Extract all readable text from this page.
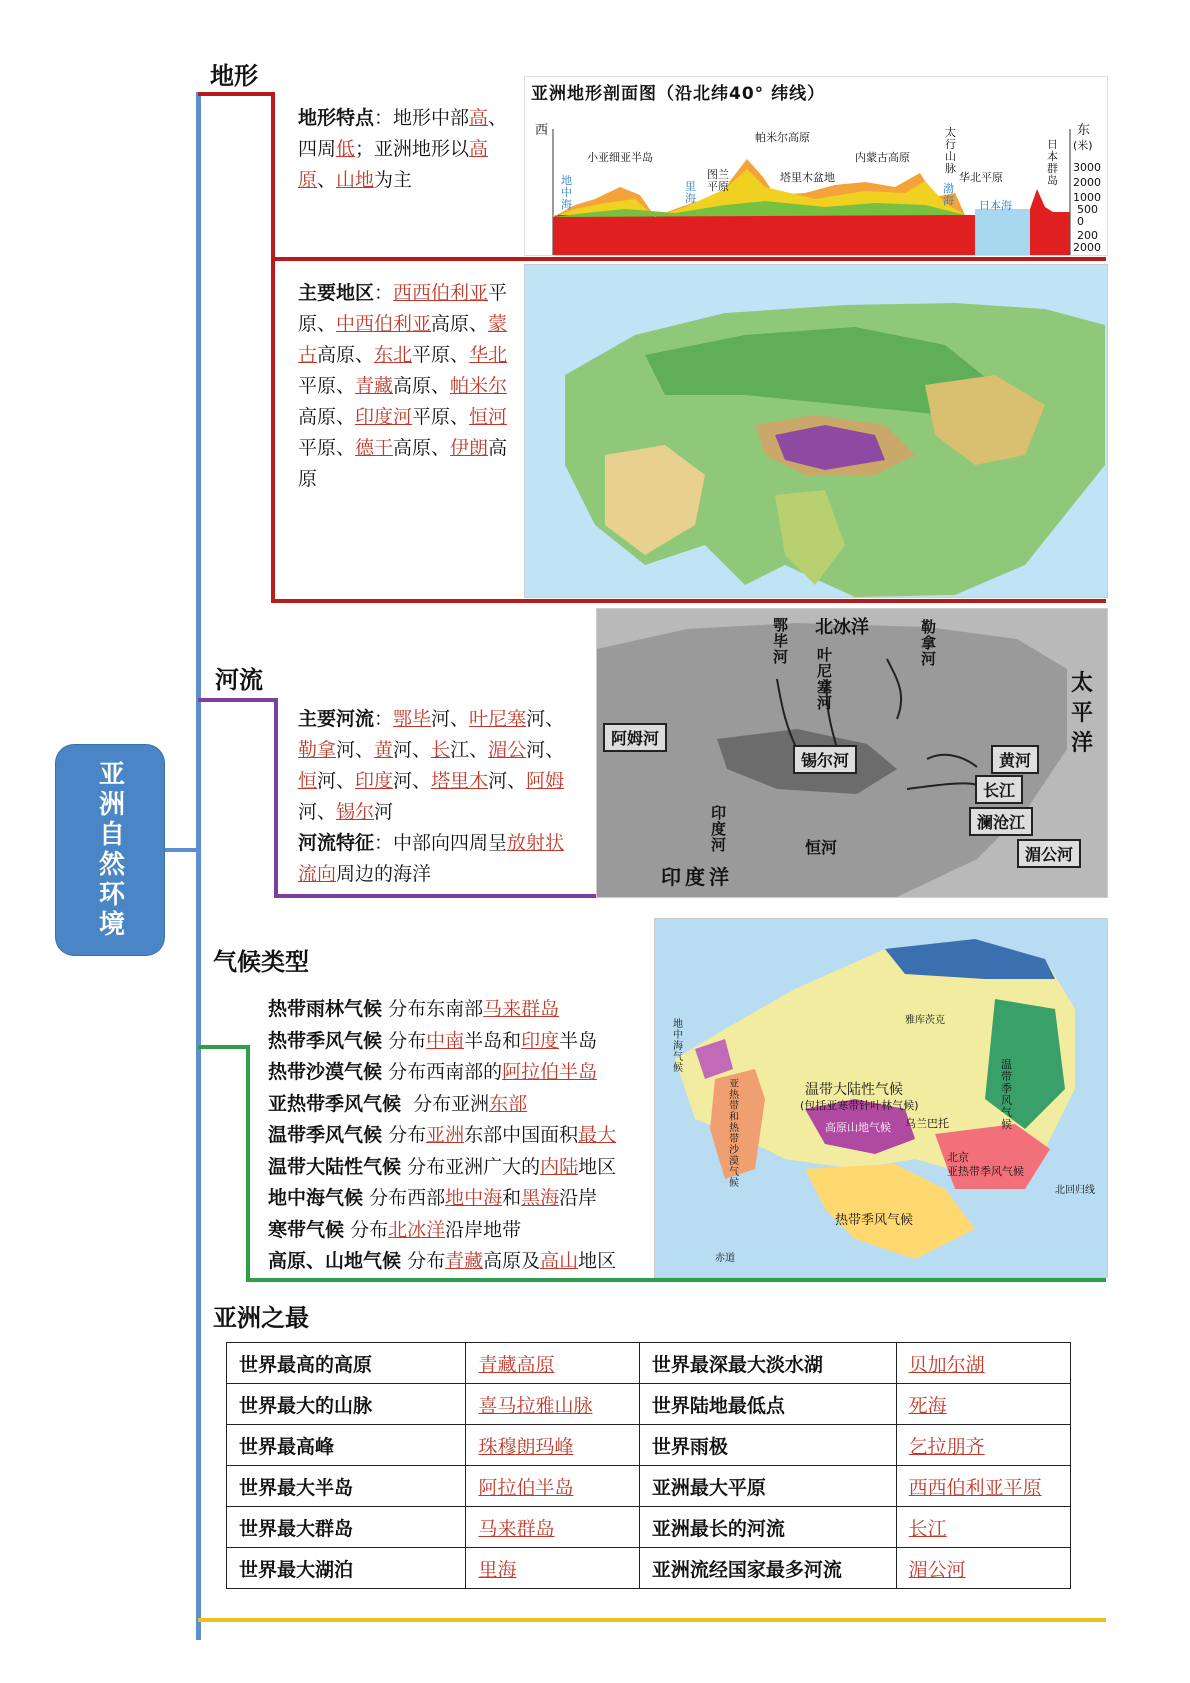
亚洲自然环境
地形
河流
气候类型
亚洲之最
地形特点：地形中部高、四周低；亚洲地形以高原、山地为主
主要地区：西西伯利亚平原、中西伯利亚高原、蒙古高原、东北平原、华北平原、青藏高原、帕米尔高原、印度河平原、恒河平原、德干高原、伊朗高原
亚洲地形剖面图（沿北纬40° 纬线）
西	东
(米)
3000
2000
1000
500
0
200
2000
小亚细亚半岛
帕米尔高原
图兰平原
塔里木盆地
内蒙古高原
太行山脉
华北平原
日本群岛
地中海
里海
渤海 日本海
主要河流：鄂毕河、叶尼塞河、勒拿河、黄河、长江、湄公河、恒河、印度河、塔里木河、阿姆河、锡尔河
河流特征：中部向四周呈放射状流向周边的海洋
北冰洋
鄂毕河 叶尼塞河
勒拿河
太平洋
阿姆河
锡尔河	黄河
长江
澜沧江
湄公河
印度河	恒河
印度洋
热带雨林气候 分布东南部马来群岛
热带季风气候 分布中南半岛和印度半岛
热带沙漠气候 分布西南部的阿拉伯半岛
亚热带季风气候 分布亚洲东部
温带季风气候 分布亚洲东部中国面积最大
温带大陆性气候 分布亚洲广大的内陆地区
地中海气候 分布西部地中海和黑海沿岸
寒带气候 分布北冰洋沿岸地带
高原、山地气候 分布青藏高原及高山地区
温带大陆性气候
(包括亚寒带针叶林气候)
乌兰巴托
北京
高原山地气候
热带季风气候
亚热带季风气候
温带季风气候
地中海气候
亚热带和热带沙漠气候
雅库茨克
北回归线
赤道
世界最高的高原	青藏高原	世界最深最大淡水湖	贝加尔湖
世界最大的山脉	喜马拉雅山脉	世界陆地最低点	死海
世界最高峰	珠穆朗玛峰	世界雨极	乞拉朋齐
世界最大半岛	阿拉伯半岛	亚洲最大平原	西西伯利亚平原
世界最大群岛	马来群岛	亚洲最长的河流	长江
世界最大湖泊	里海	亚洲流经国家最多河流	湄公河
